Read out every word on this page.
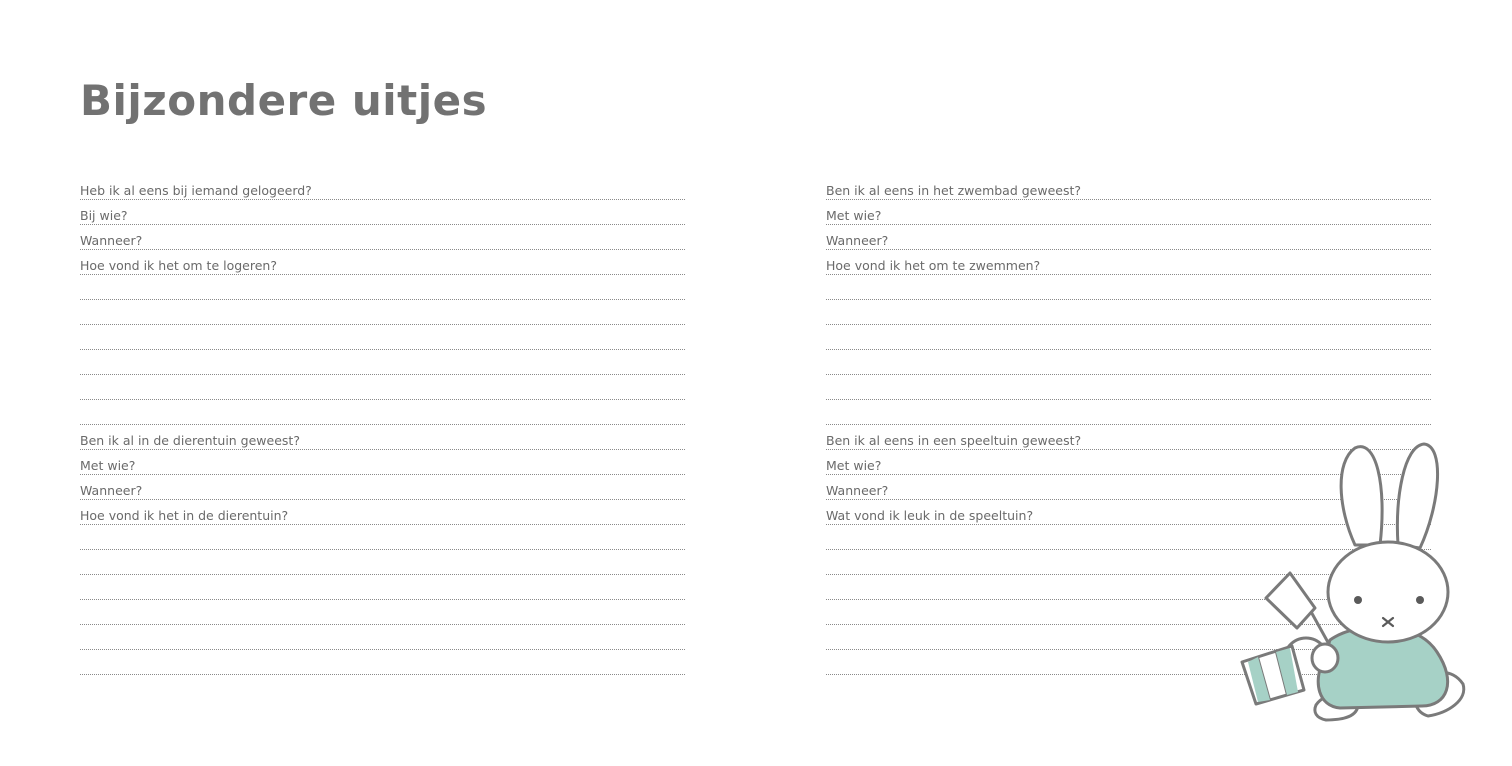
Bijzondere uitjes
Heb ik al eens bij iemand gelogeerd?
Bij wie?
Wanneer?
Hoe vond ik het om te logeren?
Ben ik al eens in het zwembad geweest?
Met wie?
Wanneer?
Hoe vond ik het om te zwemmen?
Ben ik al in de dierentuin geweest?
Met wie?
Wanneer?
Hoe vond ik het in de dierentuin?
Ben ik al eens in een speeltuin geweest?
Met wie?
Wanneer?
Wat vond ik leuk in de speeltuin?
